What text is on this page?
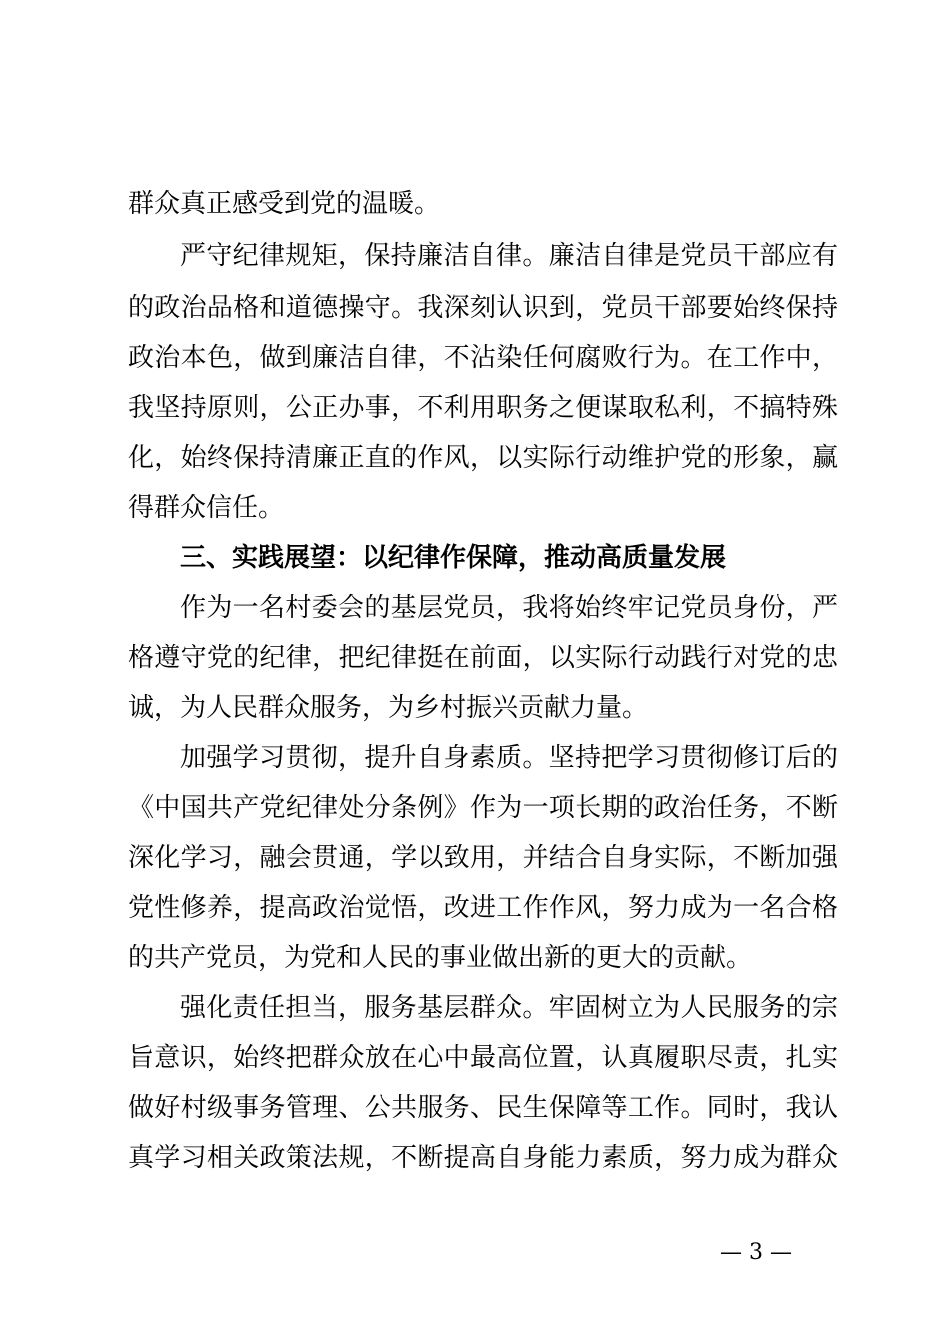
群众真正感受到党的温暖。
严守纪律规矩，保持廉洁自律。廉洁自律是党员干部应有
的政治品格和道德操守。我深刻认识到，党员干部要始终保持
政治本色，做到廉洁自律，不沾染任何腐败行为。在工作中，
我坚持原则，公正办事，不利用职务之便谋取私利，不搞特殊
化，始终保持清廉正直的作风，以实际行动维护党的形象，赢
得群众信任。
三、实践展望：以纪律作保障，推动高质量发展
作为一名村委会的基层党员，我将始终牢记党员身份，严
格遵守党的纪律，把纪律挺在前面，以实际行动践行对党的忠
诚，为人民群众服务，为乡村振兴贡献力量。
加强学习贯彻，提升自身素质。坚持把学习贯彻修订后的
《中国共产党纪律处分条例》作为一项长期的政治任务，不断
深化学习，融会贯通，学以致用，并结合自身实际，不断加强
党性修养，提高政治觉悟，改进工作作风，努力成为一名合格
的共产党员，为党和人民的事业做出新的更大的贡献。
强化责任担当，服务基层群众。牢固树立为人民服务的宗
旨意识，始终把群众放在心中最高位置，认真履职尽责，扎实
做好村级事务管理、公共服务、民生保障等工作。同时，我认
真学习相关政策法规，不断提高自身能力素质，努力成为群众
— 3 —
